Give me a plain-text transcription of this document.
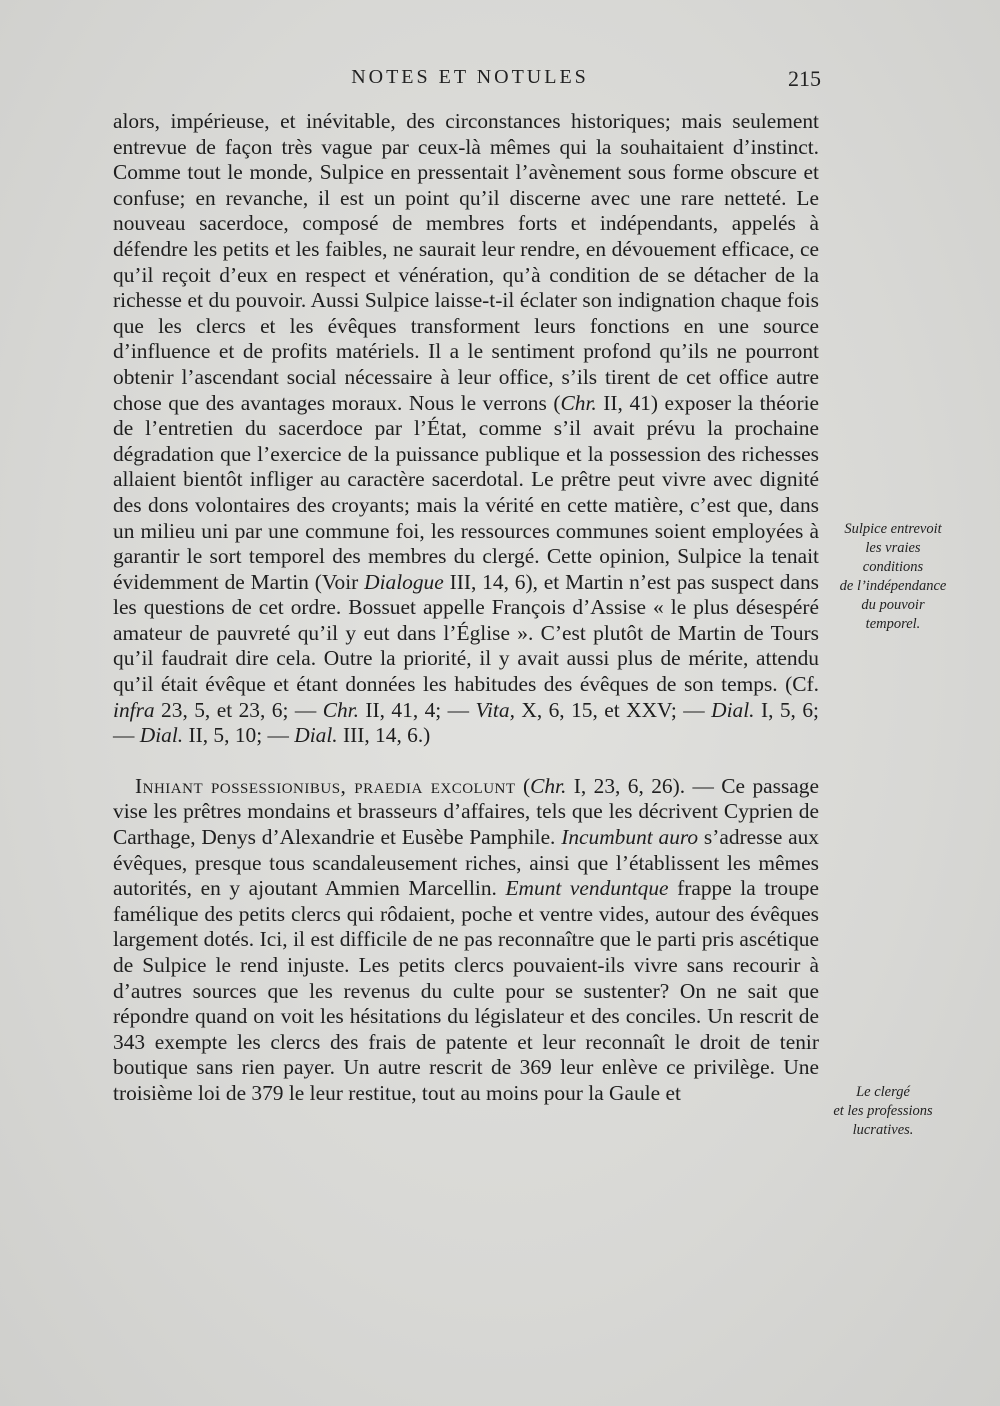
NOTES ET NOTULES	215

alors, impérieuse, et inévitable, des circonstances historiques; mais seulement entrevue de façon très vague par ceux-là mêmes qui la souhaitaient d’instinct. Comme tout le monde, Sulpice en pressentait l’avènement sous forme obscure et confuse; en revanche, il est un point qu’il discerne avec une rare netteté. Le nouveau sacerdoce, composé de membres forts et indépendants, appelés à défendre les petits et les faibles, ne saurait leur rendre, en dévouement efficace, ce qu’il reçoit d’eux en respect et vénération, qu’à condition de se détacher de la richesse et du pouvoir. Aussi Sulpice laisse-t-il éclater son indignation chaque fois que les clercs et les évêques transforment leurs fonctions en une source d’influence et de profits matériels. Il a le sentiment profond qu’ils ne pourront obtenir l’ascendant social nécessaire à leur office, s’ils tirent de cet office autre chose que des avantages moraux. Nous le verrons (Chr. II, 41) exposer la théorie de l’entretien du sacerdoce par l’État, comme s’il avait prévu la prochaine dégradation que l’exercice de la puissance publique et la possession des richesses allaient bientôt infliger au caractère sacerdotal. Le prêtre peut vivre avec dignité des dons volontaires des croyants; mais la vérité en cette matière, c’est que, dans un milieu uni par une commune foi, les ressources communes soient employées à garantir le sort temporel des membres du clergé. Cette opinion, Sulpice la tenait évidemment de Martin (Voir Dialogue III, 14, 6), et Martin n’est pas suspect dans les questions de cet ordre. Bossuet appelle François d’Assise « le plus désespéré amateur de pauvreté qu’il y eut dans l’Église ». C’est plutôt de Martin de Tours qu’il faudrait dire cela. Outre la priorité, il y avait aussi plus de mérite, attendu qu’il était évêque et étant données les habitudes des évêques de son temps. (Cf. infra 23, 5, et 23, 6; — Chr. II, 41, 4; — Vita, X, 6, 15, et XXV; — Dial. I, 5, 6; — Dial. II, 5, 10; — Dial. III, 14, 6.)

Inhiant possessionibus, praedia excolunt (Chr. I, 23, 6, 26). — Ce passage vise les prêtres mondains et brasseurs d’affaires, tels que les décrivent Cyprien de Carthage, Denys d’Alexandrie et Eusèbe Pamphile. Incumbunt auro s’adresse aux évêques, presque tous scandaleusement riches, ainsi que l’établissent les mêmes autorités, en y ajoutant Ammien Marcellin. Emunt venduntque frappe la troupe famélique des petits clercs qui rôdaient, poche et ventre vides, autour des évêques largement dotés. Ici, il est difficile de ne pas reconnaître que le parti pris ascétique de Sulpice le rend injuste. Les petits clercs pouvaient-ils vivre sans recourir à d’autres sources que les revenus du culte pour se sustenter? On ne sait que répondre quand on voit les hésitations du législateur et des conciles. Un rescrit de 343 exempte les clercs des frais de patente et leur reconnaît le droit de tenir boutique sans rien payer. Un autre rescrit de 369 leur enlève ce privilège. Une troisième loi de 379 le leur restitue, tout au moins pour la Gaule et

Sulpice entrevoit
les vraies
conditions
de l’indépendance
du pouvoir
temporel.
Le clergé
et les professions
lucratives.
